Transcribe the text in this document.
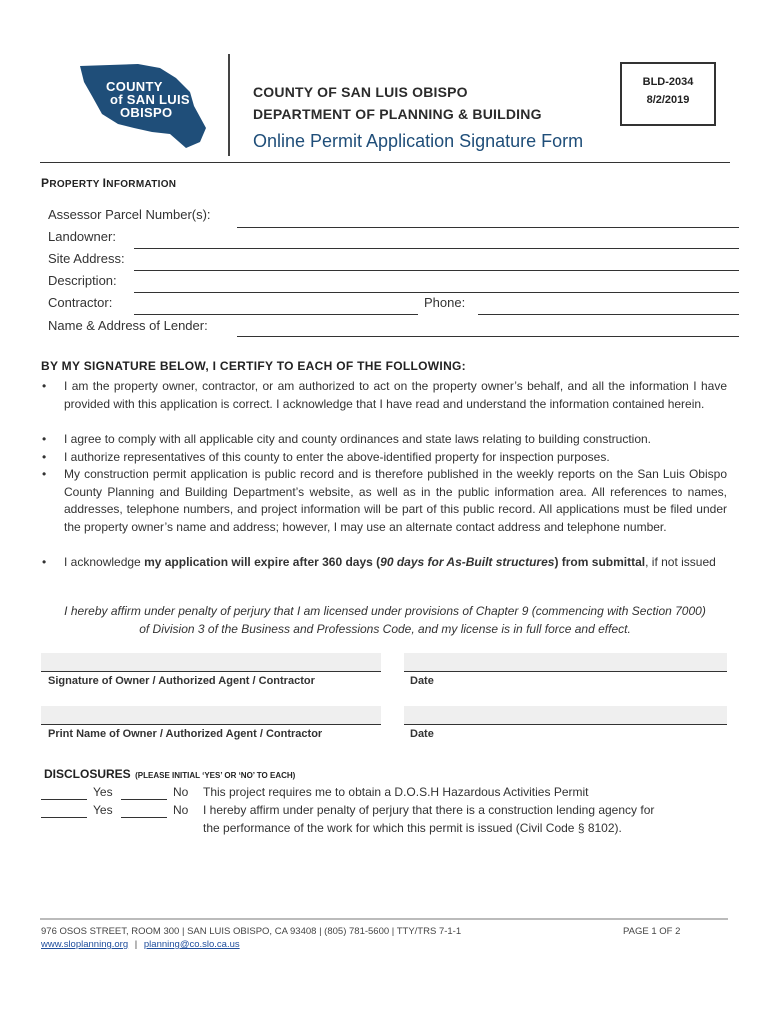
COUNTY
of SAN LUIS
OBISPO
COUNTY OF SAN LUIS OBISPO
DEPARTMENT OF PLANNING & BUILDING
Online Permit Application Signature Form
BLD-2034
8/2/2019
PROPERTY INFORMATION
Assessor Parcel Number(s):
Landowner:
Site Address:
Description:
Contractor:	Phone:
Name & Address of Lender:
BY MY SIGNATURE BELOW, I CERTIFY TO EACH OF THE FOLLOWING:
• I am the property owner, contractor, or am authorized to act on the property owner’s behalf, and all the information I have provided with this application is correct. I acknowledge that I have read and understand the information contained herein.
• I agree to comply with all applicable city and county ordinances and state laws relating to building construction.
• I authorize representatives of this county to enter the above-identified property for inspection purposes.
• My construction permit application is public record and is therefore published in the weekly reports on the San Luis Obispo County Planning and Building Department’s website, as well as in the public information area. All references to names, addresses, telephone numbers, and project information will be part of this public record. All applications must be filed under the property owner’s name and address; however, I may use an alternate contact address and telephone number.
• I acknowledge my application will expire after 360 days (90 days for As-Built structures) from submittal, if not issued
I hereby affirm under penalty of perjury that I am licensed under provisions of Chapter 9 (commencing with Section 7000)
of Division 3 of the Business and Professions Code, and my license is in full force and effect.
Signature of Owner / Authorized Agent / Contractor	Date
Print Name of Owner / Authorized Agent / Contractor	Date
DISCLOSURES (PLEASE INITIAL ‘YES’ OR ‘NO’ TO EACH)
Yes	No This project requires me to obtain a D.O.S.H Hazardous Activities Permit
Yes	No I hereby affirm under penalty of perjury that there is a construction lending agency for
the performance of the work for which this permit is issued (Civil Code § 8102).
976 OSOS STREET, ROOM 300 | SAN LUIS OBISPO, CA 93408 | (805) 781-5600 | TTY/TRS 7-1-1
www.sloplanning.org | planning@co.slo.ca.us
PAGE 1 OF 2
